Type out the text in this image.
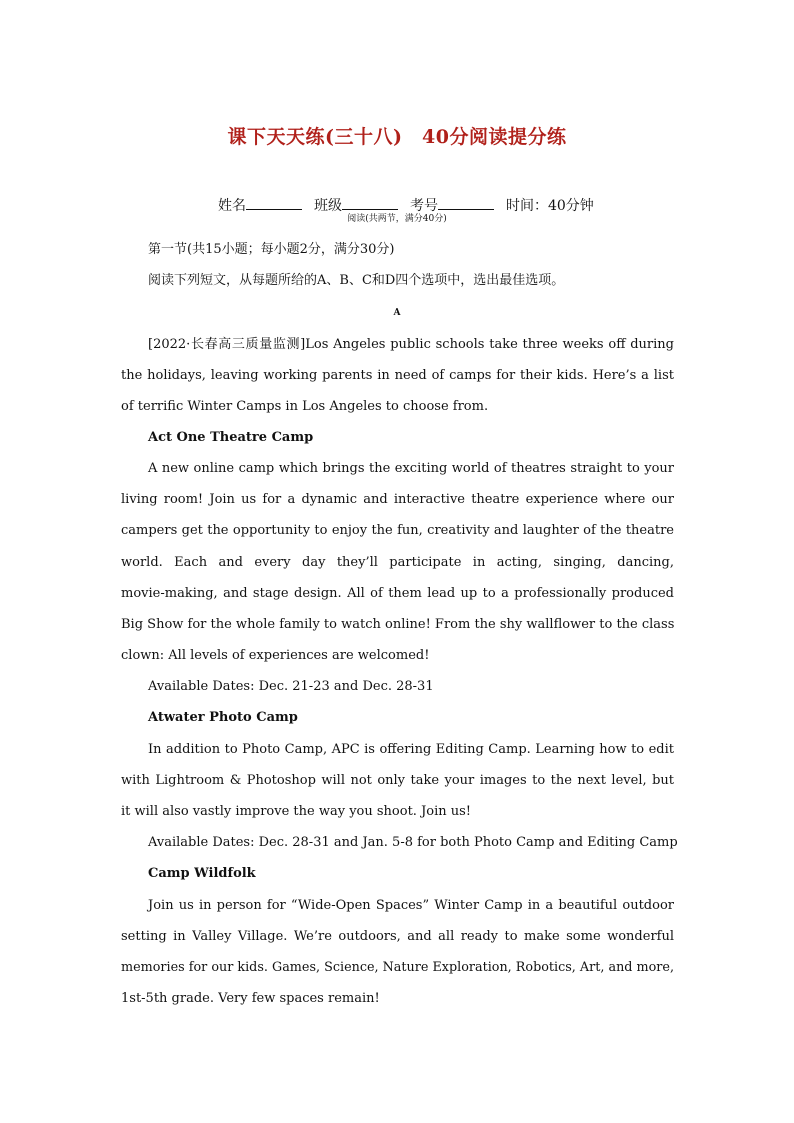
课下天天练(三十八)　40分阅读提分练

姓名	班级	考号	时间：40分钟

阅读(共两节，满分40分)
第一节(共15小题；每小题2分，满分30分)
阅读下列短文，从每题所给的A、B、C和D四个选项中，选出最佳选项。
A
[2022·长春高三质量监测]Los Angeles public schools take three weeks off during
the holidays, leaving working parents in need of camps for their kids. Here’s a list
of terrific Winter Camps in Los Angeles to choose from.
Act One Theatre Camp
A new online camp which brings the exciting world of theatres straight to your
living room! Join us for a dynamic and interactive theatre experience where our
campers get the opportunity to enjoy the fun, creativity and laughter of the theatre
world. Each and every day they’ll participate in acting, singing, dancing,
movie-making, and stage design. All of them lead up to a professionally produced
Big Show for the whole family to watch online! From the shy wallflower to the class
clown: All levels of experiences are welcomed!
Available Dates: Dec. 21-23 and Dec. 28-31
Atwater Photo Camp
In addition to Photo Camp, APC is offering Editing Camp. Learning how to edit
with Lightroom & Photoshop will not only take your images to the next level, but
it will also vastly improve the way you shoot. Join us!
Available Dates: Dec. 28-31 and Jan. 5-8 for both Photo Camp and Editing Camp
Camp Wildfolk
Join us in person for “Wide-Open Spaces” Winter Camp in a beautiful outdoor
setting in Valley Village. We’re outdoors, and all ready to make some wonderful
memories for our kids. Games, Science, Nature Exploration, Robotics, Art, and more,
1st-5th grade. Very few spaces remain!
